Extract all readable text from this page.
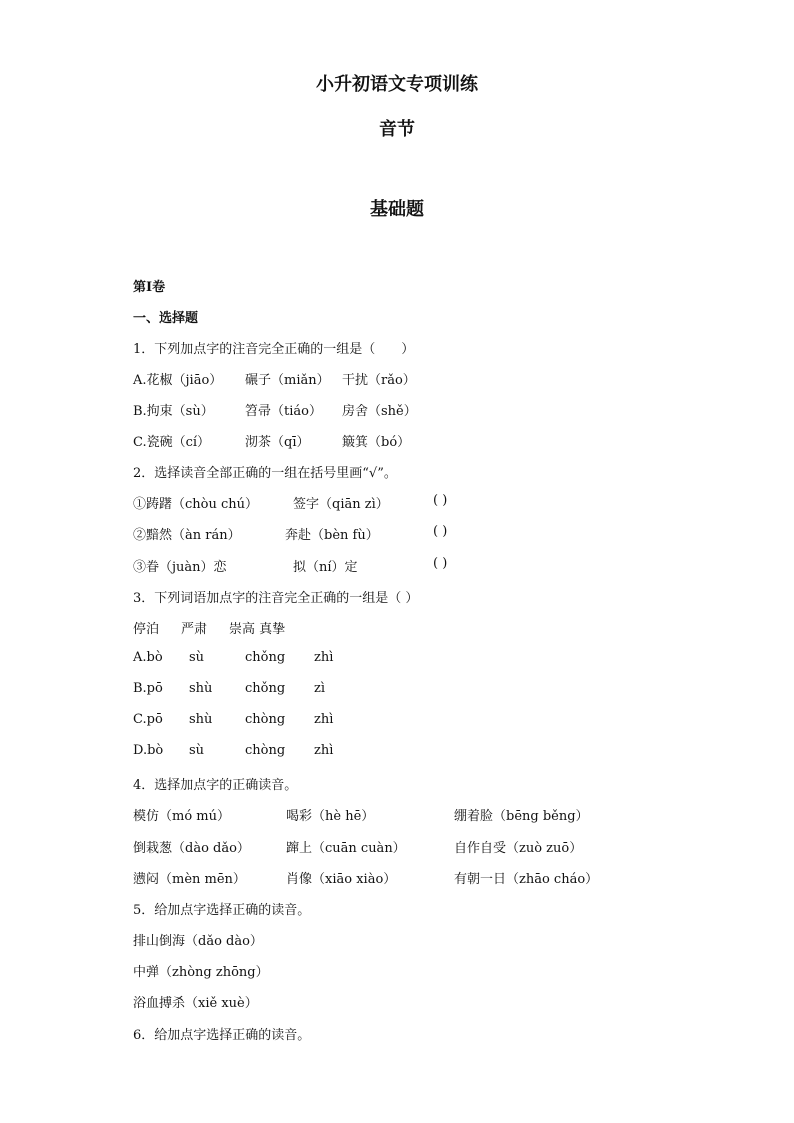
小升初语文专项训练
音节
基础题
第I卷
一、选择题
1．下列加点字的注音完全正确的一组是（　　）
A.花椒（jiāo） 碾子（miǎn） 干扰（rǎo）
B.拘束（sù） 笤帚（tiáo） 房舍（shě）
C.瓷碗（cí）	沏茶（qī）	簸箕（bó）
2．选择读音全部正确的一组在括号里画“√”。
①踌躇（chòu chú）	签字（qiān zì）	( )
②黯然（àn rán）	奔赴（bèn fù）	( )
③眷（juàn）恋	拟（ní）定	( )
3．下列词语加点字的注音完全正确的一组是（ ）
停泊 严肃 崇高 真挚
A.bò sù	chǒng zhì
B.pō shù	chǒng zì
C.pō shù	chòng zhì
D.bò sù	chòng zhì
4．选择加点字的正确读音。
模仿（mó mú）	喝彩（hè hē）	绷着脸（bēng běng）
倒栽葱（dào dǎo）	蹿上（cuān cuàn）	自作自受（zuò zuō）
懑闷（mèn mēn）	肖像（xiāo xiào）	有朝一日（zhāo cháo）
5．给加点字选择正确的读音。
排山倒海（dǎo dào）
中弹（zhòng zhōng）
浴血搏杀（xiě xuè）
6．给加点字选择正确的读音。
